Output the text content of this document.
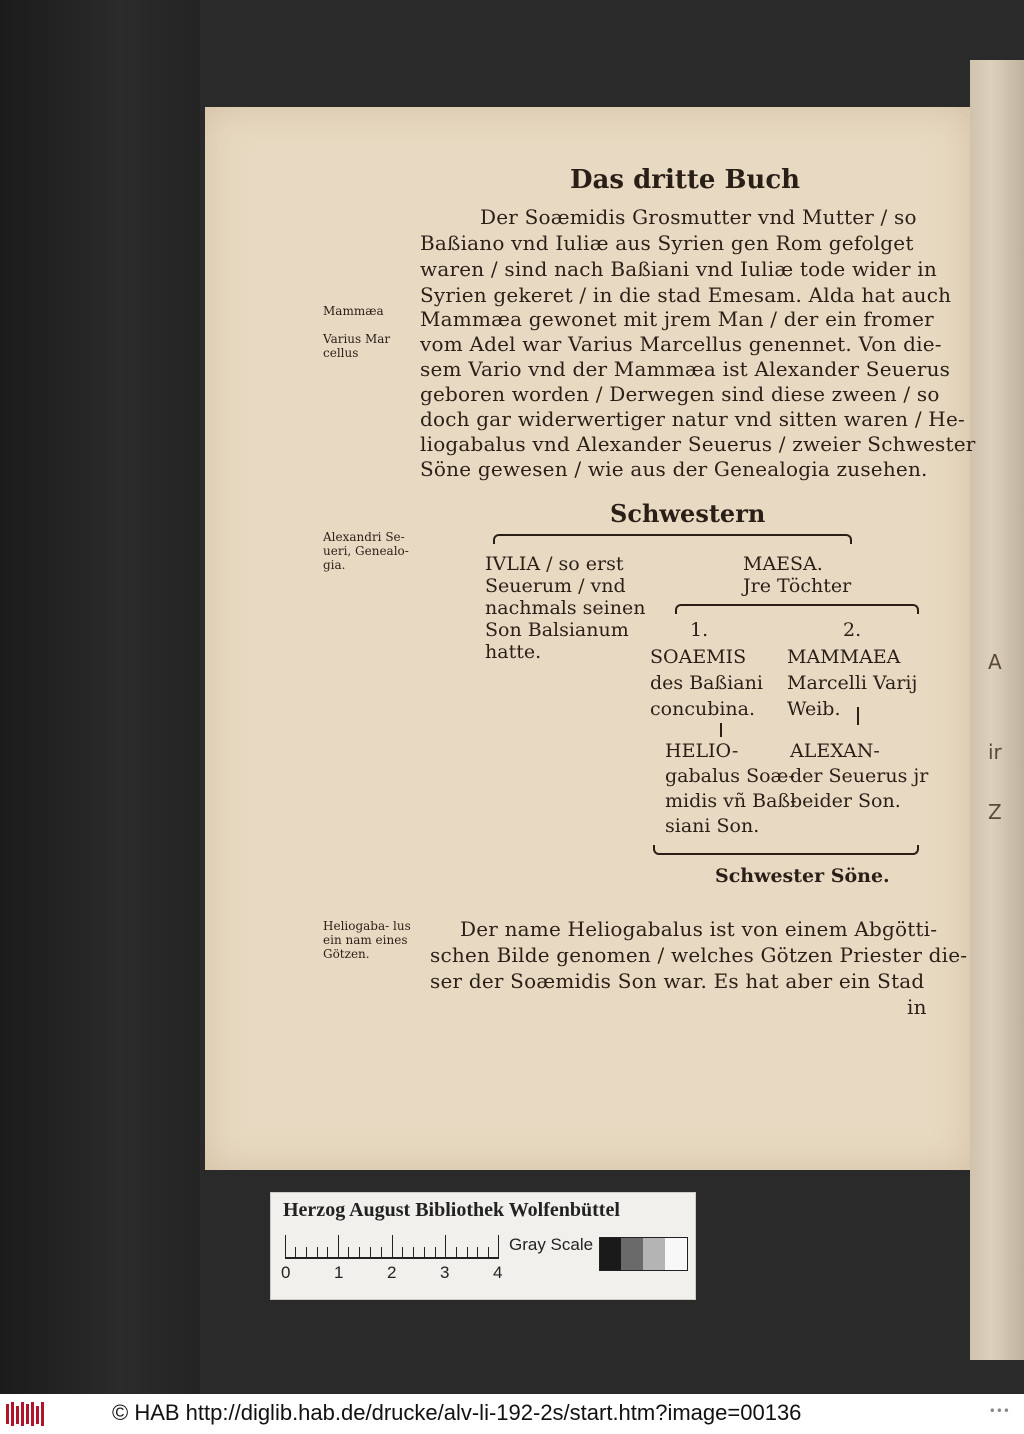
A
ir
Z
Das dritte Buch
Der Soæmidis Grosmutter vnd Mutter / so
Baßiano vnd Iuliæ aus Syrien gen Rom gefolget
waren / sind nach Baßiani vnd Iuliæ tode wider in
Syrien gekeret / in die stad Emesam. Alda hat auch
Mammæa gewonet mit jrem Man / der ein fromer
vom Adel war Varius Marcellus genennet. Von die-
sem Vario vnd der Mammæa ist Alexander Seuerus
geboren worden / Derwegen sind diese zween / so
doch gar widerwertiger natur vnd sitten waren / He-
liogabalus vnd Alexander Seuerus / zweier Schwester
Söne gewesen / wie aus der Genealogia zusehen.
Mammæa
Varius Mar cellus
Alexandri Se- ueri, Genealo- gia.
Heliogaba- lus ein nam eines Götzen.
Schwestern
IVLIA / so erst
Seuerum / vnd
nachmals seinen
Son Balsianum
hatte.
MAESA.
Jre Töchter
1.	2.
SOAEMIS
des Baßiani
concubina.
MAMMAEA
Marcelli Varij
Weib.
HELIO-
gabalus Soæ-
midis vñ Baß-
siani Son.
ALEXAN-
der Seuerus jr
beider Son.
Schwester Söne.
Der name Heliogabalus ist von einem Abgötti-
schen Bilde genomen / welches Götzen Priester die-
ser der Soæmidis Son war. Es hat aber ein Stad
in
Herzog August Bibliothek Wolfenbüttel
0	1	2	3	4
Gray Scale
© HAB http://diglib.hab.de/drucke/alv-li-192-2s/start.htm?image=00136	•••
